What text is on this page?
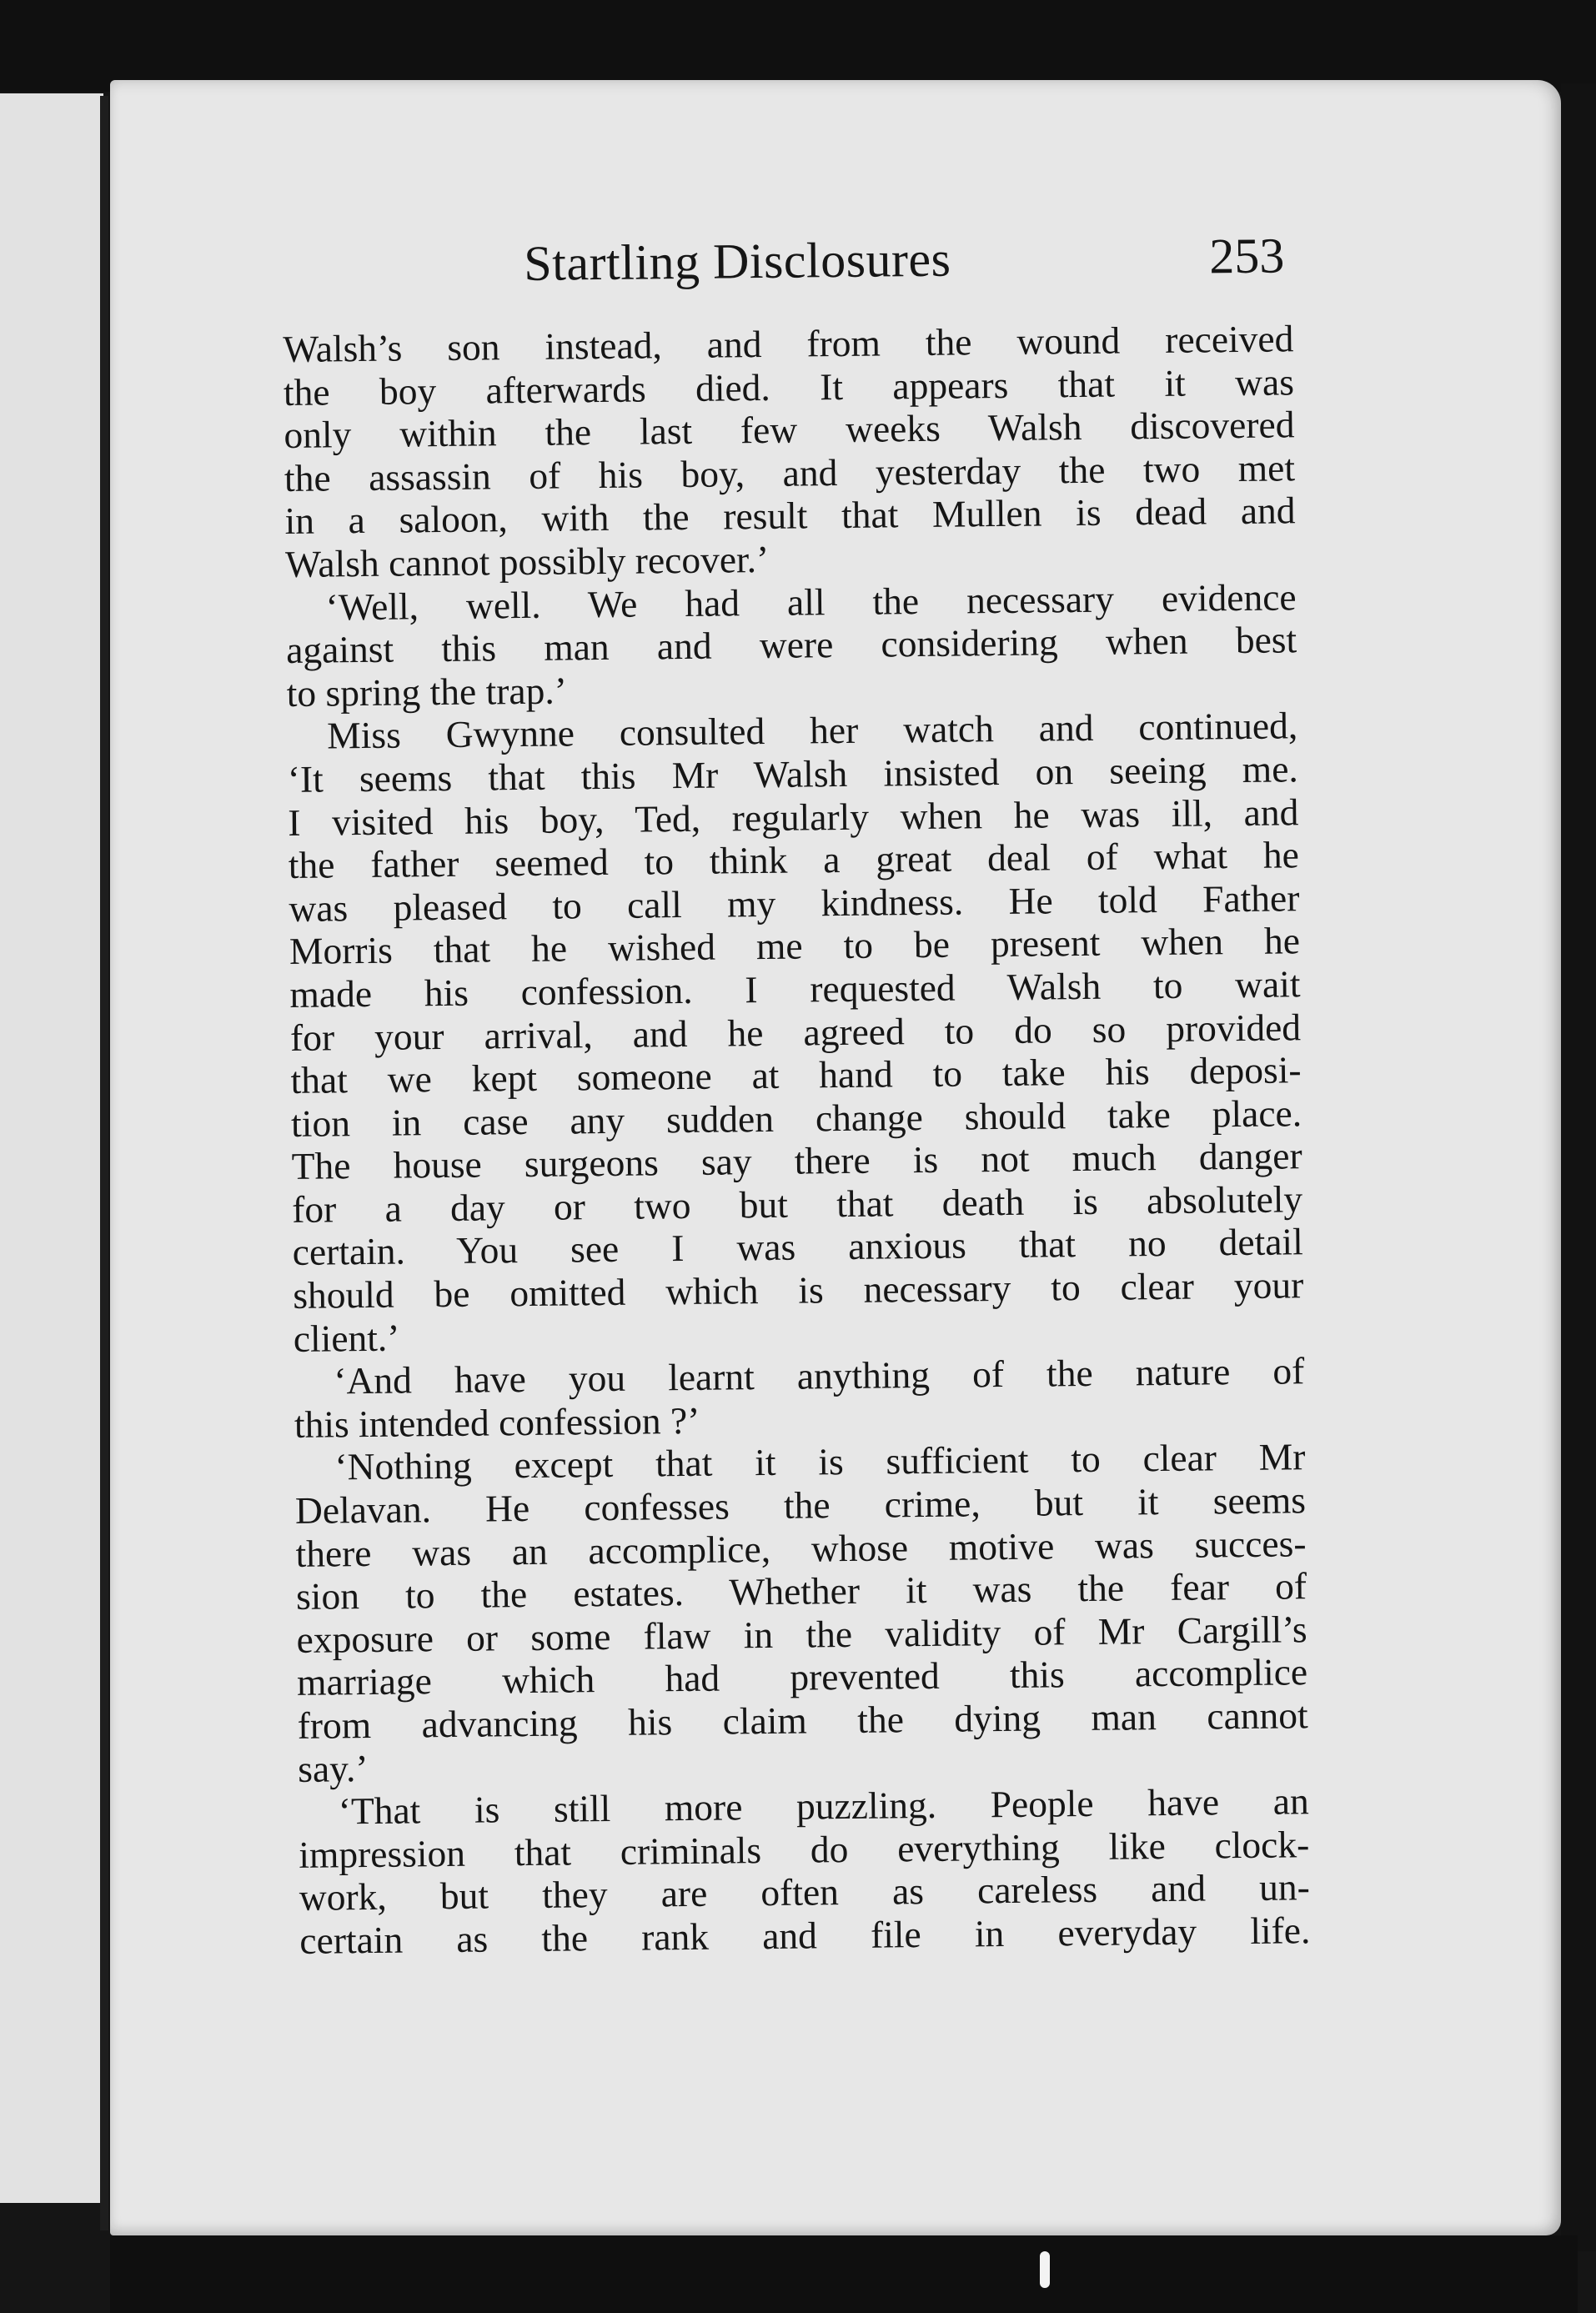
Startling Disclosures	253
Walsh’s son instead, and from the wound received
the boy afterwards died. It appears that it was
only within the last few weeks Walsh discovered
the assassin of his boy, and yesterday the two met
in a saloon, with the result that Mullen is dead and
Walsh cannot possibly recover.’
‘Well, well. We had all the necessary evidence
against this man and were considering when best
to spring the trap.’
Miss Gwynne consulted her watch and continued,
‘It seems that this Mr Walsh insisted on seeing me.
I visited his boy, Ted, regularly when he was ill, and
the father seemed to think a great deal of what he
was pleased to call my kindness. He told Father
Morris that he wished me to be present when he
made his confession. I requested Walsh to wait
for your arrival, and he agreed to do so provided
that we kept someone at hand to take his deposi-
tion in case any sudden change should take place.
The house surgeons say there is not much danger
for a day or two but that death is absolutely
certain. You see I was anxious that no detail
should be omitted which is necessary to clear your
client.’
‘And have you learnt anything of the nature of
this intended confession ?’
‘Nothing except that it is sufficient to clear Mr
Delavan. He confesses the crime, but it seems
there was an accomplice, whose motive was succes-
sion to the estates. Whether it was the fear of
exposure or some flaw in the validity of Mr Cargill’s
marriage which had prevented this accomplice
from advancing his claim the dying man cannot
say.’
‘That is still more puzzling. People have an
impression that criminals do everything like clock-
work, but they are often as careless and un-
certain as the rank and file in everyday life.
